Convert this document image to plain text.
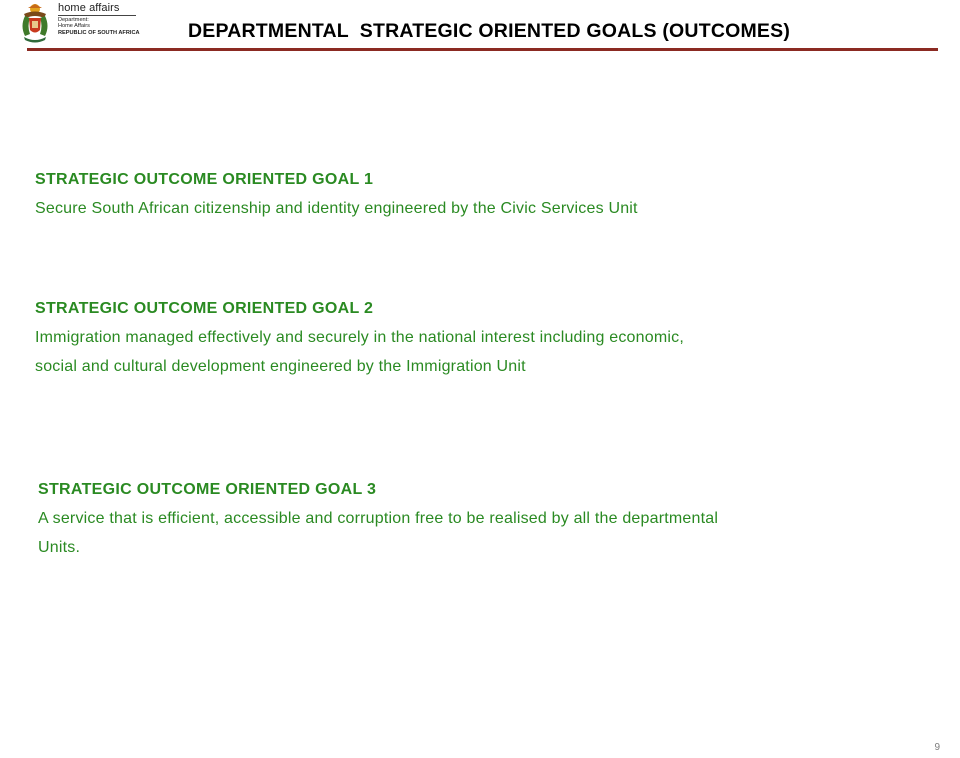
home affairs
Department:
Home Affairs
REPUBLIC OF SOUTH AFRICA DEPARTMENTAL  STRATEGIC ORIENTED GOALS (OUTCOMES)
STRATEGIC OUTCOME ORIENTED GOAL 1
Secure South African citizenship and identity engineered by the Civic Services Unit
STRATEGIC OUTCOME ORIENTED GOAL 2
Immigration managed effectively and securely in the national interest including economic,
social and cultural development engineered by the Immigration Unit
STRATEGIC OUTCOME ORIENTED GOAL 3
A service that is efficient, accessible and corruption free to be realised by all the departmental
Units.
9
